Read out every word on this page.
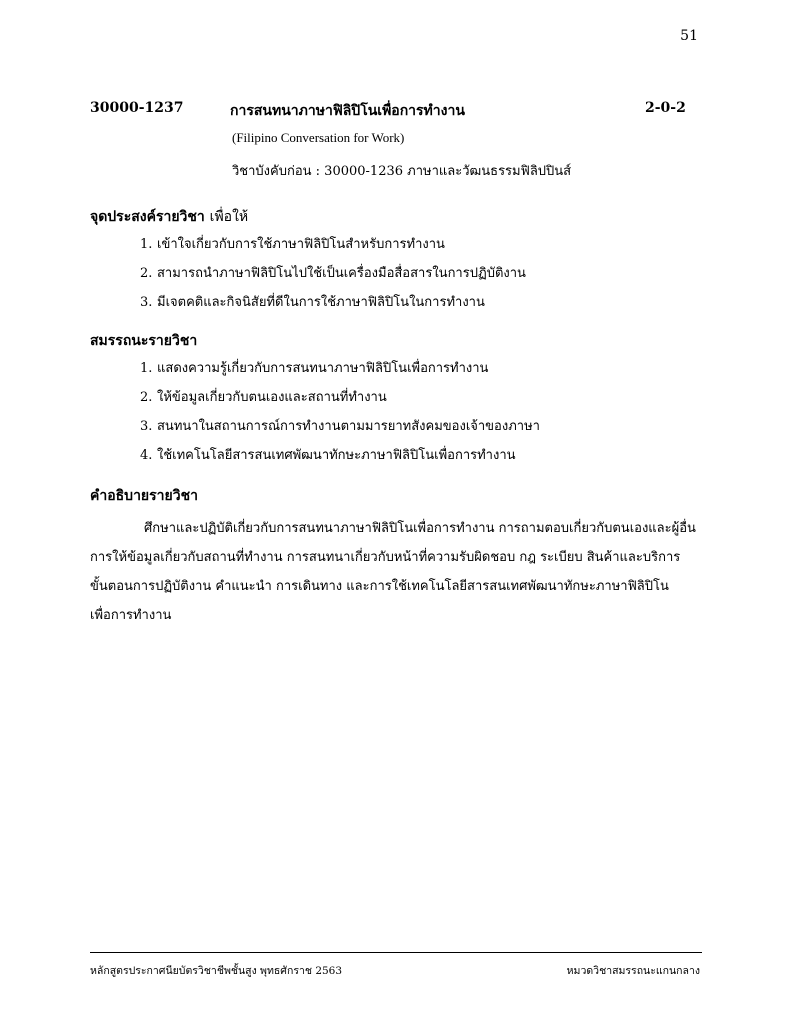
51
30000-1237	การสนทนาภาษาฟิลิปิโนเพื่อการทำงาน	2-0-2
(Filipino Conversation for Work)
วิชาบังคับก่อน : 30000-1236 ภาษาและวัฒนธรรมฟิลิปปินส์
จุดประสงค์รายวิชา เพื่อให้
1. เข้าใจเกี่ยวกับการใช้ภาษาฟิลิปิโนสำหรับการทำงาน
2. สามารถนำภาษาฟิลิปิโนไปใช้เป็นเครื่องมือสื่อสารในการปฏิบัติงาน
3. มีเจตคติและกิจนิสัยที่ดีในการใช้ภาษาฟิลิปิโนในการทำงาน
สมรรถนะรายวิชา
1. แสดงความรู้เกี่ยวกับการสนทนาภาษาฟิลิปิโนเพื่อการทำงาน
2. ให้ข้อมูลเกี่ยวกับตนเองและสถานที่ทำงาน
3. สนทนาในสถานการณ์การทำงานตามมารยาทสังคมของเจ้าของภาษา
4. ใช้เทคโนโลยีสารสนเทศพัฒนาทักษะภาษาฟิลิปิโนเพื่อการทำงาน
คำอธิบายรายวิชา
ศึกษาและปฏิบัติเกี่ยวกับการสนทนาภาษาฟิลิปิโนเพื่อการทำงาน การถามตอบเกี่ยวกับตนเองและผู้อื่น
การให้ข้อมูลเกี่ยวกับสถานที่ทำงาน การสนทนาเกี่ยวกับหน้าที่ความรับผิดชอบ กฎ ระเบียบ สินค้าและบริการ
ขั้นตอนการปฏิบัติงาน คำแนะนำ การเดินทาง และการใช้เทคโนโลยีสารสนเทศพัฒนาทักษะภาษาฟิลิปิโน
เพื่อการทำงาน
หลักสูตรประกาศนียบัตรวิชาชีพชั้นสูง พุทธศักราช 2563	หมวดวิชาสมรรถนะแกนกลาง
